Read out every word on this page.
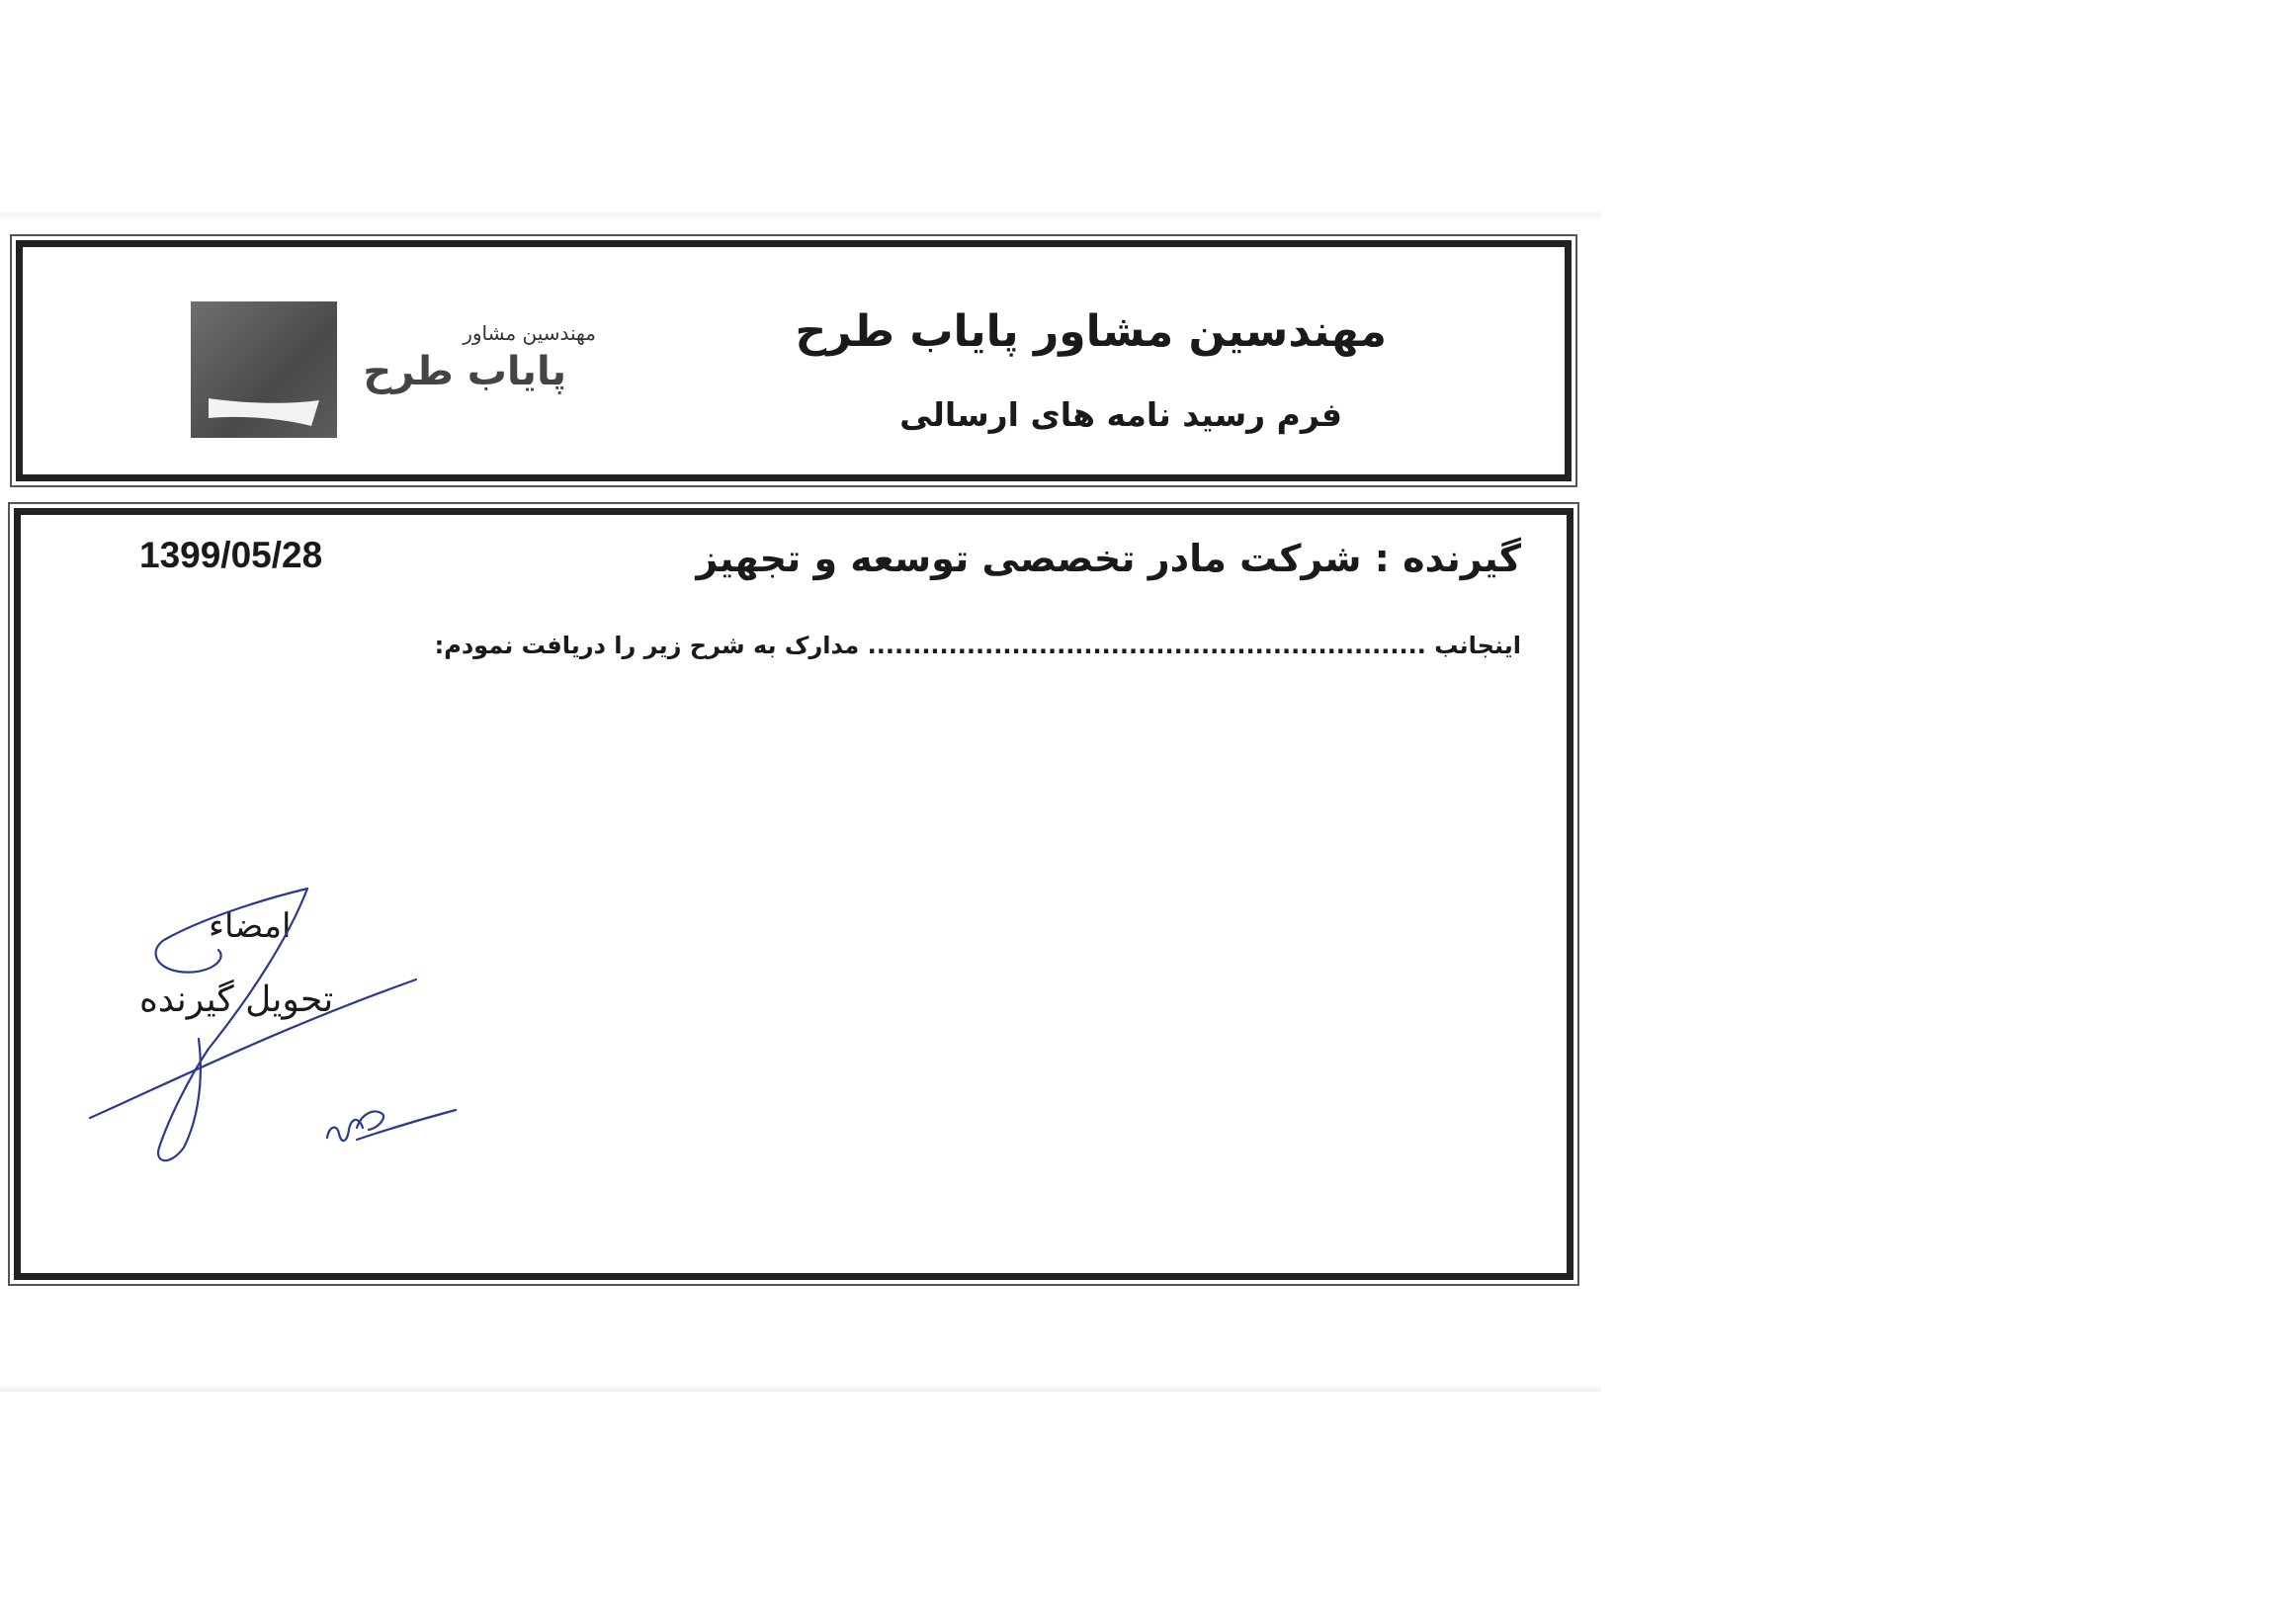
مهندسین مشاور پایاب طرح
فرم رسید نامه های ارسالی
مهندسین مشاور
پایاب طرح
گیرنده : شرکت مادر تخصصی توسعه و تجهیز
1399/05/28
اینجانب .............................................................. مدارک به شرح زیر را دریافت نمودم:
امضاء
تحویل گیرنده
